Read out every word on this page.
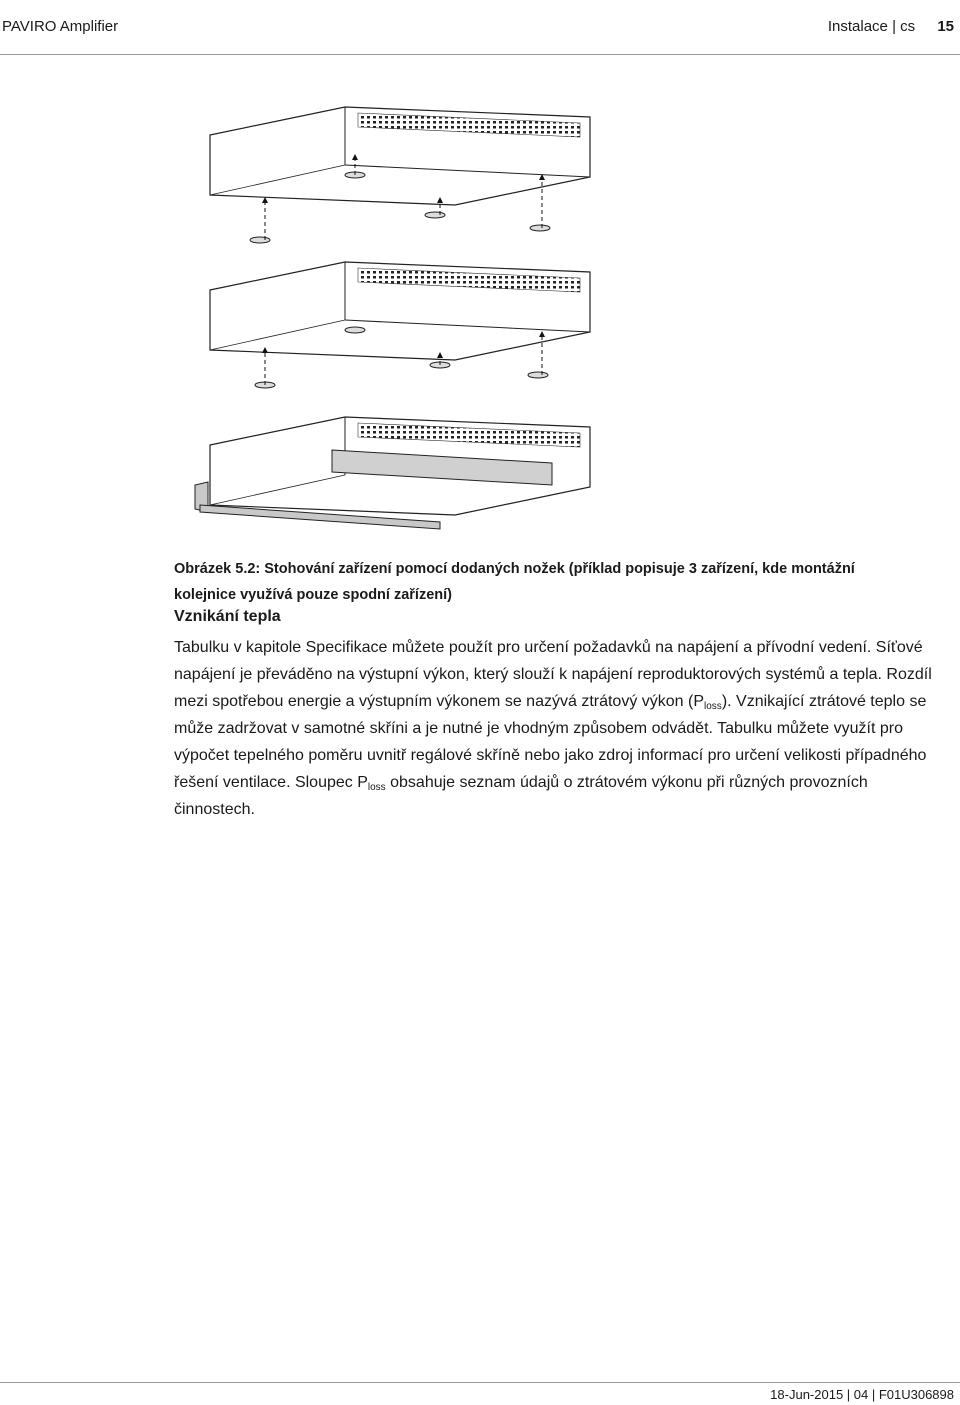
PAVIRO Amplifier	Instalace | cs 15
Obrázek 5.2: Stohování zařízení pomocí dodaných nožek (příklad popisuje 3 zařízení, kde montážní kolejnice využívá pouze spodní zařízení)
Vznikání tepla
Tabulku v kapitole Specifikace můžete použít pro určení požadavků na napájení a přívodní vedení. Síťové napájení je převáděno na výstupní výkon, který slouží k napájení reproduktorových systémů a tepla. Rozdíl mezi spotřebou energie a výstupním výkonem se nazývá ztrátový výkon $(P_{loss})$. Vznikající ztrátové teplo se může zadržovat v samotné skříni a je nutné je vhodným způsobem odvádět. Tabulku můžete využít pro výpočet tepelného poměru uvnitř regálové skříně nebo jako zdroj informací pro určení velikosti případného řešení ventilace. Sloupec $P_{loss}$ obsahuje seznam údajů o ztrátovém výkonu při různých provozních činnostech.
18-Jun-2015 | 04 | F01U306898
